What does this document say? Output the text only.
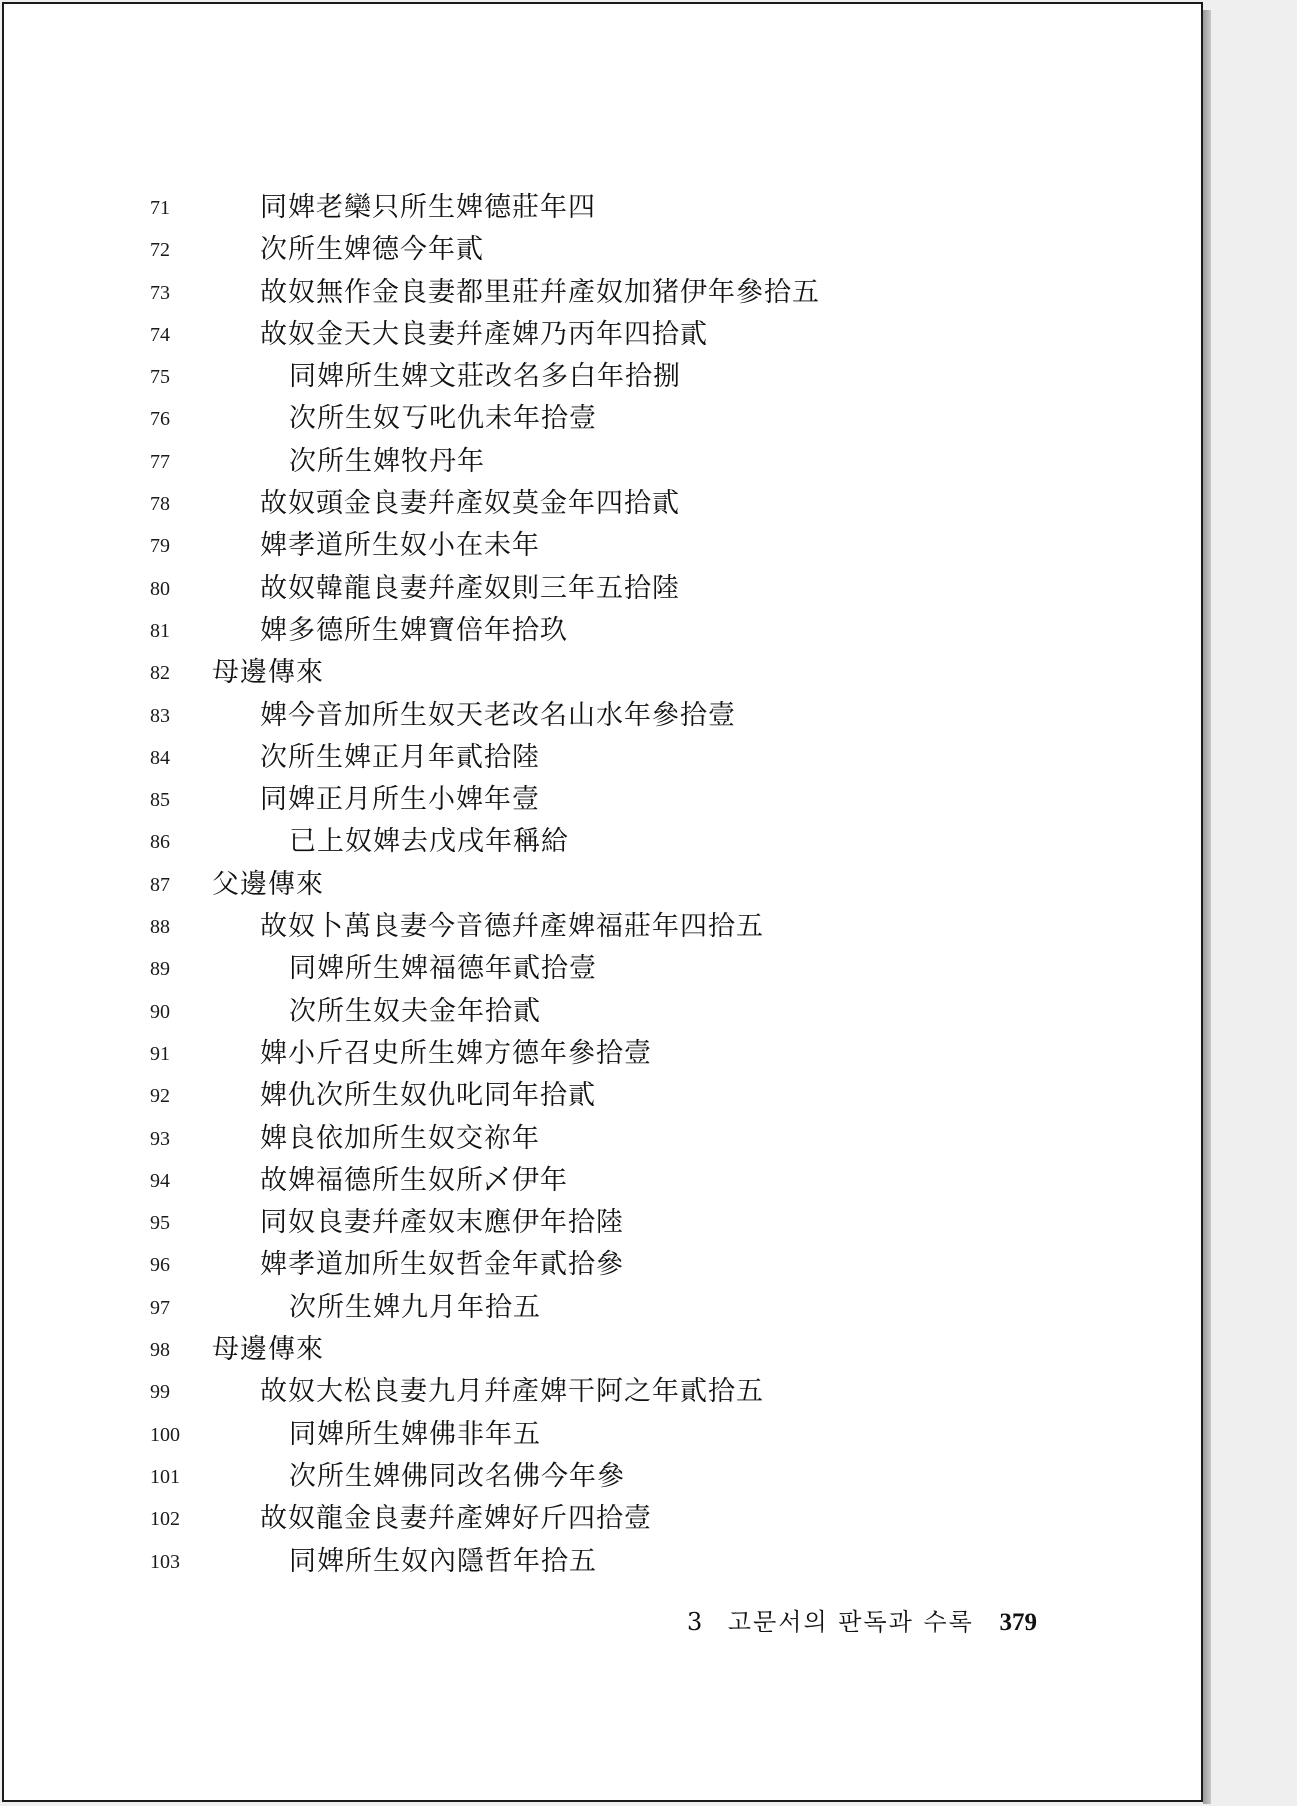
71	同婢老欒只所生婢德莊年四
72	次所生婢德今年貳
73	故奴無作金良妻都里莊幷產奴加猪伊年參拾五
74	故奴金天大良妻幷產婢乃丙年四拾貳
75	同婢所生婢文莊改名多白年拾捌
76	次所生奴丂叱仇未年拾壹
77	次所生婢牧丹年
78	故奴頭金良妻幷產奴莫金年四拾貳
79	婢孝道所生奴小在未年
80	故奴韓龍良妻幷產奴則三年五拾陸
81	婢多德所生婢寶倍年拾玖
82	母邊傳來
83	婢今音加所生奴天老改名山水年參拾壹
84	次所生婢正月年貳拾陸
85	同婢正月所生小婢年壹
86	已上奴婢去戊戌年稱給
87	父邊傳來
88	故奴卜萬良妻今音德幷產婢福莊年四拾五
89	同婢所生婢福德年貳拾壹
90	次所生奴夫金年拾貳
91	婢小斤召史所生婢方德年參拾壹
92	婢仇次所生奴仇叱同年拾貳
93	婢良依加所生奴交祢年
94	故婢福德所生奴所乄伊年
95	同奴良妻幷產奴末應伊年拾陸
96	婢孝道加所生奴哲金年貳拾參
97	次所生婢九月年拾五
98	母邊傳來
99	故奴大松良妻九月幷產婢干阿之年貳拾五
100	同婢所生婢佛非年五
101	次所生婢佛同改名佛今年參
102	故奴龍金良妻幷產婢好斤四拾壹
103	同婢所生奴內隱哲年拾五
3 고문서의 판독과 수록 379
